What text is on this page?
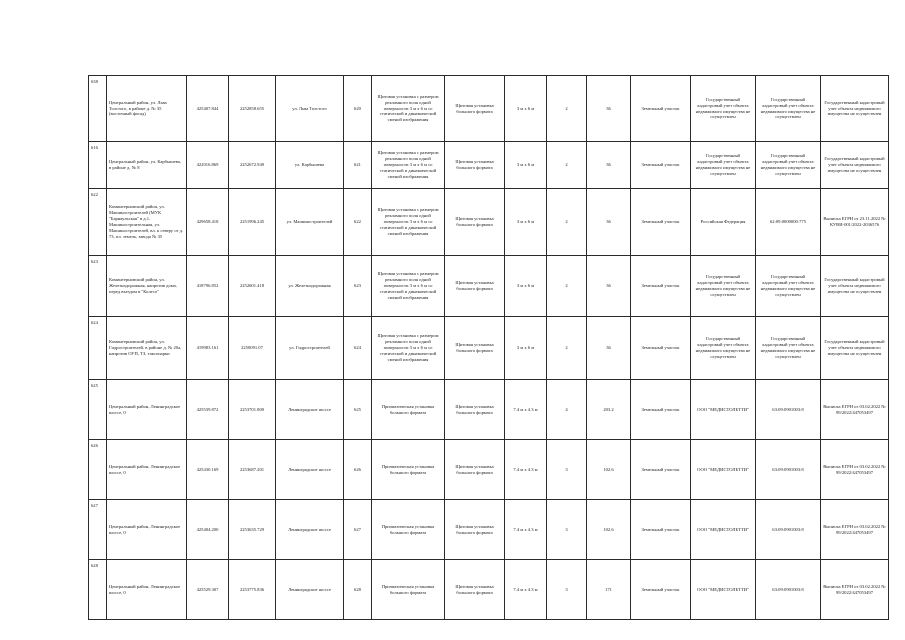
638	Центральный район, ул. Льва Толстого, в районе д. № 35 (восточный фасад)	425407.844	2252858.655	ул. Льва Толстого	620	Щитовая установка с размером рекламного поля одной поверхности 3 м х 6 м со статической и динамической сменой изображения	Щитовая установка большого формата	3 м х 6 м	2	36	Земельный участок	Государственный кадастровый учет объекта недвижимого имущества не осуществлен	Государственный кадастровый учет объекта недвижимого имущества не осуществлен	Государственный кадастровый учет объекта недвижимого имущества не осуществлен
616	Центральный район, ул. Карбышева, в районе д. № 8	422016.869	2252672.949	ул. Карбышева	621	Щитовая установка с размером рекламного поля одной поверхности 3 м х 6 м со статической и динамической сменой изображения	Щитовая установка большого формата	3 м х 6 м	2	36	Земельный участок	Государственный кадастровый учет объекта недвижимого имущества не осуществлен	Государственный кадастровый учет объекта недвижимого имущества не осуществлен	Государственный кадастровый учет объекта недвижимого имущества не осуществлен
622	Коминтерновский район, ул. Машиностроителей (МУК "Барнаульская" в д.1. Машиностроительная, ул. Машиностроителей, вл. к северу от д. 73, пл. земель, завода № 35	429658.418	2251996.245	ул. Машиностроителей	622	Щитовая установка с размером рекламного поля одной поверхности 3 м х 6 м со статической и динамической сменой изображения	Щитовая установка большого формата	3 м х 6 м	2	36	Земельный участок	Российская Федерация	62:09:0000000:775	Выписка ЕГРН от 23.11.2022 № КУВИ-001/2022-2036576
623	Коминтерновский район, ул. Железнодорожная, напротив дома, перед въездом в "Колесо"	418796.852	2252601.418	ул. Железнодорожная	623	Щитовая установка с размером рекламного поля одной поверхности 3 м х 6 м со статической и динамической сменой изображения	Щитовая установка большого формата	3 м х 6 м	2	36	Земельный участок	Государственный кадастровый учет объекта недвижимого имущества не осуществлен	Государственный кадастровый учет объекта недвижимого имущества не осуществлен	Государственный кадастровый учет объекта недвижимого имущества не осуществлен
624	Коминтерновский район, ул. Гидростроителей, в районе д. № 20а, напротив ОУП, ТЗ, таксопарки	419983.161	2250091.07	ул. Гидростроителей	624	Щитовая установка с размером рекламного поля одной поверхности 3 м х 6 м со статической и динамической сменой изображения	Щитовая установка большого формата	3 м х 6 м	2	36	Земельный участок	Государственный кадастровый учет объекта недвижимого имущества не осуществлен	Государственный кадастровый учет объекта недвижимого имущества не осуществлен	Государственный кадастровый учет объекта недвижимого имущества не осуществлен
625	Центральный район, Ленинградское шоссе, 0	425539.872	2253701.800	Ленинградское шоссе	625	Призматическая установка большого формата	Щитовая установка большого формата	7.4 м х 4.3 м	4	203.2	Земельный участок	ООО "МЕДИСТОЛБТТИ"	63:09:0901003:8	Выписка ЕГРН от 03.02.2022 № 99/2022/447053497
626	Центральный район, Ленинградское шоссе, 0	425430.169	2253687.201	Ленинградское шоссе	626	Призматическая установка большого формата	Щитовая установка большого формата	7.4 м х 4.3 м	3	102.6	Земельный участок	ООО "МЕДИСТОЛБТТИ"	63:09:0901003:8	Выписка ЕГРН от 03.02.2022 № 99/2022/447053497
627	Центральный район, Ленинградское шоссе, 0	425404.200	2253635.729	Ленинградское шоссе	627	Призматическая установка большого формата	Щитовая установка большого формата	7.4 м х 4.3 м	3	102.6	Земельный участок	ООО "МЕДИСТОЛБТТИ"	63:09:0901003:8	Выписка ЕГРН от 03.02.2022 № 99/2022/447053497
628	Центральный район, Ленинградское шоссе, 0	425529.307	2253775.836	Ленинградское шоссе	628	Призматическая установка большого формата	Щитовая установка большого формата	7.4 м х 4.3 м	3	171	Земельный участок	ООО "МЕДИСТОЛБТТИ"	63:09:0901003:8	Выписка ЕГРН от 03.02.2022 № 99/2022/447053497
